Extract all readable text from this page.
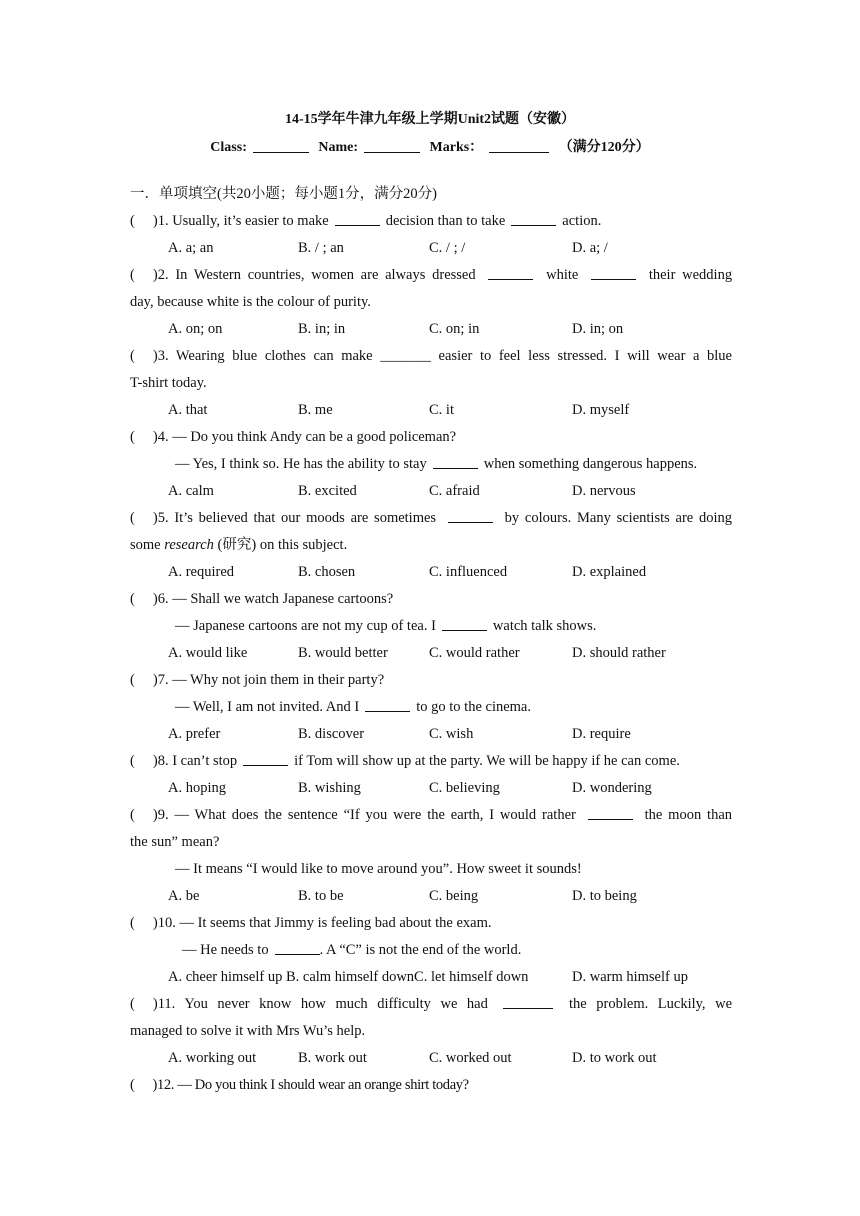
14-15学年牛津九年级上学期Unit2试题（安徽）
Class:	Name:	Marks：	（满分120分）
一．单项填空(共20小题；每小题1分，满分20分)
( )1. Usually, it’s easier to make	decision than to take	action.
A. a; an	B. / ; an	C. / ; /	D. a; /
( )2. In Western countries, women are always dressed	white	their wedding
day, because white is the colour of purity.
A. on; on	B. in; in	C. on; in	D. in; on
( )3. Wearing blue clothes can make _______ easier to feel less stressed. I will wear a blue
T-shirt today.
A. that	B. me	C. it	D. myself
( )4. — Do you think Andy can be a good policeman?
— Yes, I think so. He has the ability to stay	when something dangerous happens.
A. calm	B. excited	C. afraid	D. nervous
( )5. It’s believed that our moods are sometimes	by colours. Many scientists are doing
some research (研究) on this subject.
A. required	B. chosen	C. influenced	D. explained
( )6. — Shall we watch Japanese cartoons?
— Japanese cartoons are not my cup of tea. I	watch talk shows.
A. would like	B. would better	C. would rather	D. should rather
( )7. — Why not join them in their party?
— Well, I am not invited. And I	to go to the cinema.
A. prefer	B. discover	C. wish	D. require
( )8. I can’t stop	if Tom will show up at the party. We will be happy if he can come.
A. hoping	B. wishing	C. believing	D. wondering
( )9. — What does the sentence “If you were the earth, I would rather	the moon than
the sun” mean?
— It means “I would like to move around you”. How sweet it sounds!
A. be	B. to be	C. being	D. to being
( )10. — It seems that Jimmy is feeling bad about the exam.
— He needs to	. A “C” is not the end of the world.
A. cheer himself up B. calm himself downC. let himself down	D. warm himself up
( )11. You never know how much difficulty we had	the problem. Luckily, we
managed to solve it with Mrs Wu’s help.
A. working out	B. work out	C. worked out	D. to work out
( )12. — Do you think I should wear an orange shirt today?
